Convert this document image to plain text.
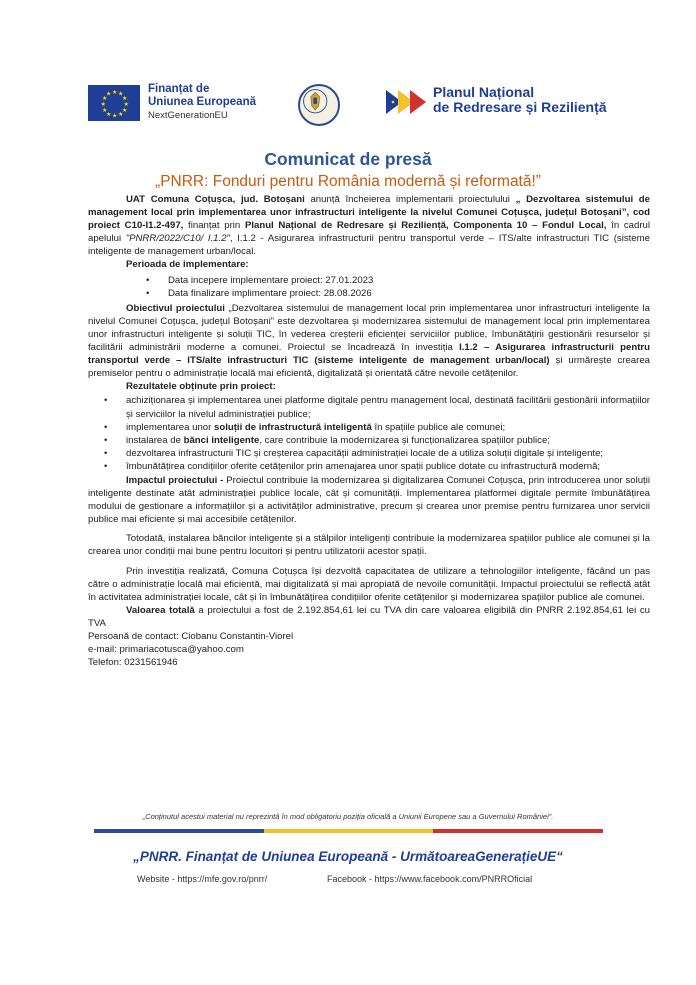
★ ★
★
★
★
★
★
★
★
★
★
★	Finanțat de
Uniunea Europeană
NextGenerationEU
Planul Național
de Redresare și Reziliență
Comunicat de presă
„PNRR: Fonduri pentru România modernă și reformată!”

UAT Comuna Coțușca, jud. Botoșani anunță încheierea implementarii proiectulului „ Dezvoltarea sistemului de management local prin implementarea unor infrastructuri inteligente la nivelul Comunei Coțușca, județul Botoșani”, cod proiect C10-I1.2-497, finanțat prin Planul Național de Redresare și Reziliență, Componenta 10 – Fondul Local, în cadrul apelului "PNRR/2022/C10/ I.1.2", I.1.2 - Asigurarea infrastructurii pentru transportul verde – ITS/alte infrastructuri TIC (sisteme inteligente de management urban/local.

Perioada de implementare:

• Data incepere implementare proiect: 27.01.2023
• Data finalizare implimentare proiect: 28.08.2026

Obiectivul proiectului „Dezvoltarea sistemului de management local prin implementarea unor infrastructuri inteligente la nivelul Comunei Coțușca, județul Botoșani” este dezvoltarea și modernizarea sistemului de management local prin implementarea unor infrastructuri inteligente și soluții TIC, în vederea creșterii eficienței serviciilor publice, îmbunătățirii gestionării resurselor și facilitării administrării moderne a comunei. Proiectul se încadrează în investiția I.1.2 – Asigurarea infrastructurii pentru transportul verde – ITS/alte infrastructuri TIC (sisteme inteligente de management urban/local) și urmărește crearea premiselor pentru o administrație locală mai eficientă, digitalizată și orientată către nevoile cetățenilor.

Rezultatele obținute prin proiect:

• achiziționarea și implementarea unei platforme digitale pentru management local, destinată facilitării gestionării informațiilor și serviciilor la nivelul administrației publice;
• implementarea unor soluții de infrastructură inteligentă în spațiile publice ale comunei;
• instalarea de bănci inteligente, care contribuie la modernizarea și funcționalizarea spațiilor publice;
• dezvoltarea infrastructurii TIC și creșterea capacității administrației locale de a utiliza soluții digitale și inteligente;
• îmbunătățirea condițiilor oferite cetățenilor prin amenajarea unor spații publice dotate cu infrastructură modernă;

Impactul proiectului - Proiectul contribuie la modernizarea și digitalizarea Comunei Coțușca, prin introducerea unor soluții inteligente destinate atât administrației publice locale, cât și comunității. Implementarea platformei digitale permite îmbunătățirea modului de gestionare a informațiilor și a activităților administrative, precum și crearea unor premise pentru furnizarea unor servicii publice mai eficiente și mai accesibile cetățenilor.

Totodată, instalarea băncilor inteligente și a stâlpilor inteligenți contribuie la modernizarea spațiilor publice ale comunei și la crearea unor condiții mai bune pentru locuitori și pentru utilizatorii acestor spații.

Prin investiția realizată, Comuna Coțușca își dezvoltă capacitatea de utilizare a tehnologiilor inteligente, făcând un pas către o administrație locală mai eficientă, mai digitalizată și mai apropiată de nevoile comunității. Impactul proiectului se reflectă atât în activitatea administrației locale, cât și în îmbunătățirea condițiilor oferite cetățenilor și modernizarea spațiilor publice ale comunei.

Valoarea totală a proiectului a fost de 2.192.854,61 lei cu TVA din care valoarea eligibilă din PNRR 2.192.854,61 lei cu TVA

Persoană de contact: Ciobanu Constantin-Viorel

e-mail: primariacotusca@yahoo.com

Telefon: 0231561946

„Conținutul acestui material nu reprezintă în mod obligatoriu poziția oficială a Uniunii Europene sau a Guvernului României”.
„PNRR. Finanțat de Uniunea Europeană - UrmătoareaGenerațieUE“
Website - https://mfe.gov.ro/pnrr/	Facebook - https://www.facebook.com/PNRROficial
